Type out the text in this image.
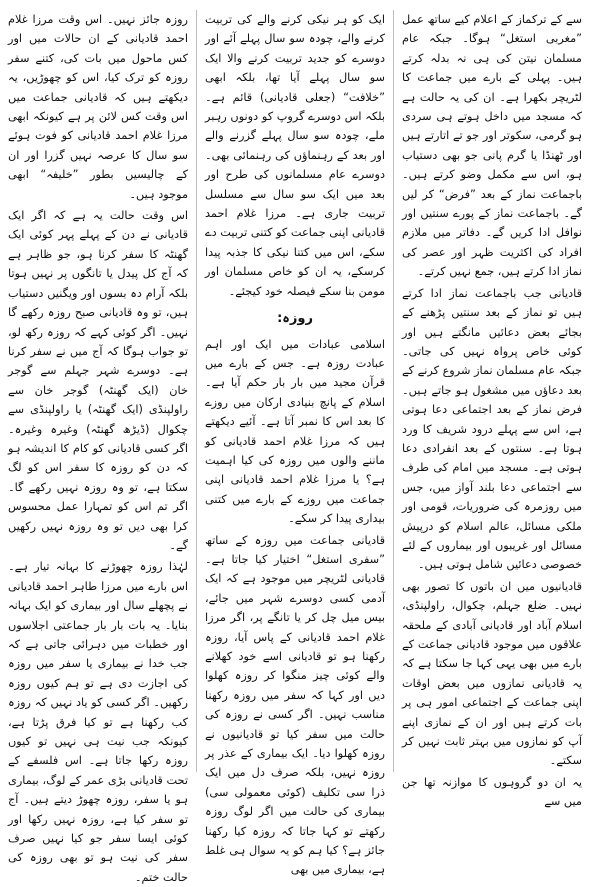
سے کے ترکماز کے اعلام کیے ساتھ عمل ”مغربی استغل“ ہوگا۔ جبکہ عام مسلمان نیتن کی ہی نہ بدلہ کرتے ہیں۔ پہلی کے بارے میں جماعت کا لٹریچر بکھرا ہے۔ ان کی یہ حالت ہے کہ مسجد میں داخل ہوتے ہی سردی ہو گرمی، سکوتر اور جو تے اتارتے ہیں اور ٹھنڈا یا گرم پانی جو بھی دستیاب ہو، اس سے مکمل وضو کرتے ہیں۔ باجماعت نماز کے بعد ”فرض“ کر لیں گے۔ باجماعت نماز کے پورے سنتیں اور نوافل ادا کریں گے۔ دفاتر میں ملازم افراد کی اکثریت ظہر اور عصر کی نماز ادا کرتے ہیں، جمع نہیں کرتے۔

قادیانی جب باجماعت نماز ادا کرتے ہیں تو نماز کے بعد سنتیں پڑھنے کے بجائے بعض دعائیں مانگتے ہیں اور کوئی خاص پرواہ نہیں کی جاتی۔ جبکہ عام مسلمان نماز شروع کرنے کے بعد دعاؤں میں مشغول ہو جاتے ہیں۔ فرض نماز کے بعد اجتماعی دعا ہوتی ہے، اس سے پہلے درود شریف کا ورد ہوتا ہے۔ سنتوں کے بعد انفرادی دعا ہوتی ہے۔ مسجد میں امام کی طرف سے اجتماعی دعا بلند آواز میں، جس میں روزمرہ کی ضروریات، قومی اور ملکی مسائل، عالم اسلام کو درپیش مسائل اور غریبوں اور بیماروں کے لئے خصوصی دعائیں شامل ہوتی ہیں۔

قادیانیوں میں ان باتوں کا تصور بھی نہیں۔ ضلع جہلم، چکوال، راولپنڈی، اسلام آباد اور قادیانی آبادی کے ملحقہ علاقوں میں موجود قادیانی جماعت کے بارے میں بھی یہی کہا جا سکتا ہے کہ یہ قادیانی نمازوں میں بعض اوقات اپنی جماعت کے اجتماعی امور ہی پر بات کرتے ہیں اور ان کے نمازی اپنے آپ کو نمازوں میں بہتر ثابت نہیں کر سکتے۔

یہ ان دو گروہوں کا موازنہ تھا جن میں سے

ایک کو ہر نیکی کرنے والے کی تربیت کرنے والے، چودہ سو سال پہلے آئے اور دوسرے کو جدید تربیت کرنے والا ایک سو سال پہلے آیا تھا، بلکہ ابھی ”خلافت“ (جعلی قادیانی) قائم ہے۔ بلکہ اس دوسرے گروپ کو دونوں رہبر ملے، چودہ سو سال پہلے گزرنے والے اور بعد کے رہنماؤں کی رہنمائی بھی۔ دوسرے عام مسلمانوں کی طرح اور بعد میں ایک سو سال سے مسلسل تربیت جاری ہے۔ مرزا غلام احمد قادیانی اپنی جماعت کو کتنی تربیت دے سکے، اس میں کتنا نیکی کا جذبہ پیدا کرسکے، یہ ان کو خاص مسلمان اور مومن بنا سکے فیصلہ خود کیجئے۔

روزہ:

اسلامی عبادات میں ایک اور اہم عبادت روزہ ہے۔ جس کے بارے میں قرآن مجید میں بار بار حکم آیا ہے۔ اسلام کے پانچ بنیادی ارکان میں روزے کا بعد اس کا نمبر آتا ہے۔ آئیے دیکھتے ہیں کہ مرزا غلام احمد قادیانی کو ماننے والوں میں روزہ کی کیا اہمیت ہے؟ یا مرزا غلام احمد قادیانی اپنی جماعت میں روزے کے بارے میں کتنی بیداری پیدا کر سکے۔

قادیانی جماعت میں روزہ کے ساتھ ”سفری استغل“ اختیار کیا جاتا ہے۔ قادیانی لٹریچر میں موجود ہے کہ ایک آدمی کسی دوسرے شہر میں جائے، بیس میل چل کر یا تانگے پر، اگر مرزا غلام احمد قادیانی کے پاس آیا، روزہ رکھنا ہو تو قادیانی اسے خود کھلانے والے کوئی چیز منگوا کر روزہ کھلوا دیں اور کہا کہ سفر میں روزہ رکھنا مناسب نہیں۔ اگر کسی نے روزہ کی حالت میں سفر کیا تو قادیانیوں نے روزہ کھلوا دیا۔ ایک بیماری کے عذر پر روزہ نہیں، بلکہ صرف دل میں ایک ذرا سی تکلیف (کوئی معمولی سی) بیماری کی حالت میں اگر لوگ روزہ رکھتے تو کہا جاتا کہ روزہ کیا رکھنا جائز ہے؟ کیا ہم کو یہ سوال ہی غلط ہے، بیماری میں بھی

روزہ جائز نہیں۔ اس وقت مرزا غلام احمد قادیانی کے ان حالات میں اور کس ماحول میں بات کی، کتنے سفر روزہ کو ترک کیا، اس کو چھوڑیں، یہ دیکھتے ہیں کہ قادیانی جماعت میں اس وقت کس لائن پر ہے کیونکہ ابھی مرزا غلام احمد قادیانی کو فوت ہوئے سو سال کا عرصہ نہیں گزرا اور ان کے چالیسیں بطور ”خلیفہ“ ابھی موجود ہیں۔

اس وقت حالت یہ ہے کہ اگر ایک قادیانی نے دن کے پہلے پہر کوئی ایک گھنٹہ کا سفر کرنا ہو، جو ظاہر ہے کہ آج کل پیدل یا تانگوں پر نہیں ہوتا بلکہ آرام دہ بسوں اور ویگنیں دستیاب ہیں، تو وہ قادیانی صبح روزہ رکھے گا نہیں۔ اگر کوئی کہے کہ روزہ رکھ لو، تو جواب ہوگا کہ آج میں نے سفر کرنا ہے۔ دوسرے شہر جہلم سے گوجر خان (ایک گھنٹہ) گوجر خان سے راولپنڈی (ایک گھنٹہ) یا راولپنڈی سے چکوال (ڈیڑھ گھنٹہ) وغیرہ وغیرہ۔ اگر کسی قادیانی کو کام کا اندیشہ ہو کہ دن کو روزہ کا سفر اس کو لگ سکتا ہے، تو وہ روزہ نہیں رکھے گا۔ اگر تم اس کو تمہارا عمل محسوس کرا بھی دیں تو وہ روزہ نہیں رکھیں گے۔

لہٰذا روزہ چھوڑنے کا بہانہ تیار ہے۔ اس بارے میں مرزا طاہر احمد قادیانی نے پچھلے سال اور بیماری کو ایک بہانہ بنایا۔ یہ بات بار بار جماعتی اجلاسوں اور خطبات میں دہرائی جاتی ہے کہ جب خدا نے بیماری یا سفر میں روزہ کی اجازت دی ہے تو ہم کیوں روزہ رکھیں۔ اگر کسی کو یاد نہیں کہ روزہ کب رکھنا ہے تو کیا فرق پڑتا ہے، کیونکہ جب نیت ہی نہیں تو کیوں روزہ رکھا جاتا ہے۔ اس فلسفے کے تحت قادیانی بڑی عمر کے لوگ، بیماری ہو یا سفر، روزہ چھوڑ دیتے ہیں۔ آج تو سفر کیا ہے، روزہ نہیں رکھا اور کوئی ایسا سفر جو کیا نہیں صرف سفر کی نیت ہو تو بھی روزہ کی حالت ختم۔
